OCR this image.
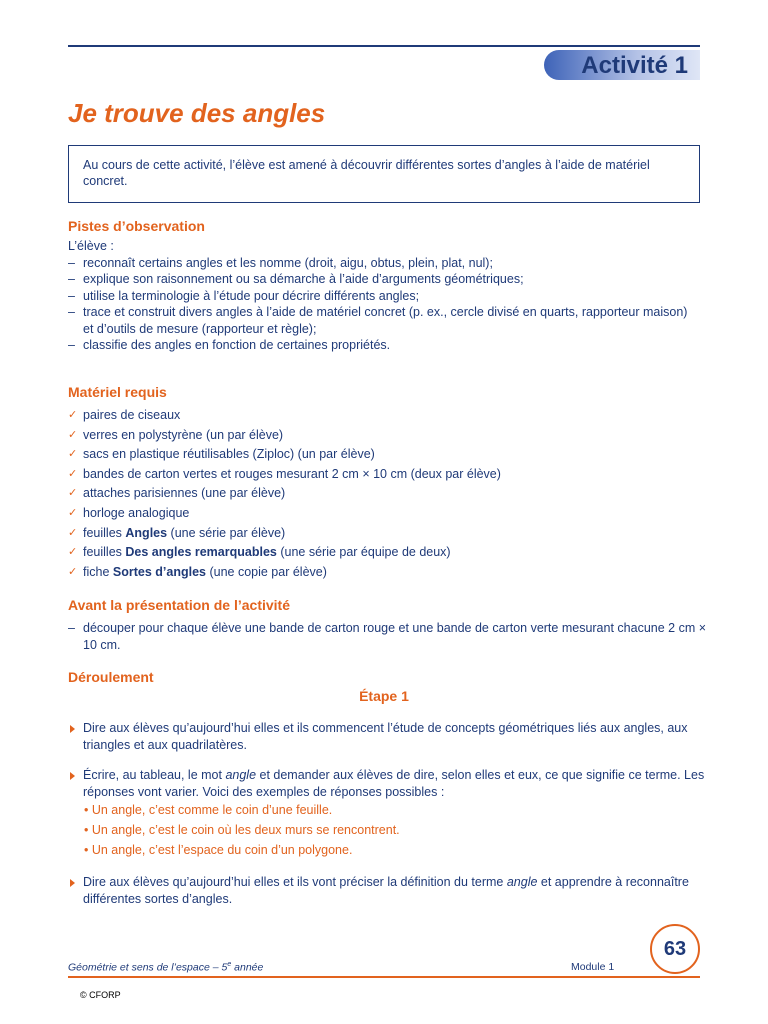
Activité 1
Je trouve des angles
Au cours de cette activité, l’élève est amené à découvrir différentes sortes d’angles à l’aide de matériel concret.
Pistes d’observation
L’élève :
– reconnaît certains angles et les nomme (droit, aigu, obtus, plein, plat, nul);
– explique son raisonnement ou sa démarche à l’aide d’arguments géométriques;
– utilise la terminologie à l’étude pour décrire différents angles;
– trace et construit divers angles à l’aide de matériel concret (p. ex., cercle divisé en quarts, rapporteur maison) et d’outils de mesure (rapporteur et règle);
– classifie des angles en fonction de certaines propriétés.
Matériel requis
✓ paires de ciseaux
✓ verres en polystyrène (un par élève)
✓ sacs en plastique réutilisables (Ziploc) (un par élève)
✓ bandes de carton vertes et rouges mesurant 2 cm × 10 cm (deux par élève)
✓ attaches parisiennes (une par élève)
✓ horloge analogique
✓ feuilles Angles (une série par élève)
✓ feuilles Des angles remarquables (une série par équipe de deux)
✓ fiche Sortes d’angles (une copie par élève)
Avant la présentation de l’activité
– découper pour chaque élève une bande de carton rouge et une bande de carton verte mesurant chacune 2 cm × 10 cm.
Déroulement
Étape 1
Dire aux élèves qu’aujourd’hui elles et ils commencent l’étude de concepts géométriques liés aux angles, aux triangles et aux quadrilatères.
Écrire, au tableau, le mot angle et demander aux élèves de dire, selon elles et eux, ce que signifie ce terme. Les réponses vont varier. Voici des exemples de réponses possibles :
• Un angle, c’est comme le coin d’une feuille.
• Un angle, c’est le coin où les deux murs se rencontrent.
• Un angle, c’est l’espace du coin d’un polygone.
Dire aux élèves qu’aujourd’hui elles et ils vont préciser la définition du terme angle et apprendre à reconnaître différentes sortes d’angles.
Géométrie et sens de l’espace – 5e année	Module 1
63
© CFORP
